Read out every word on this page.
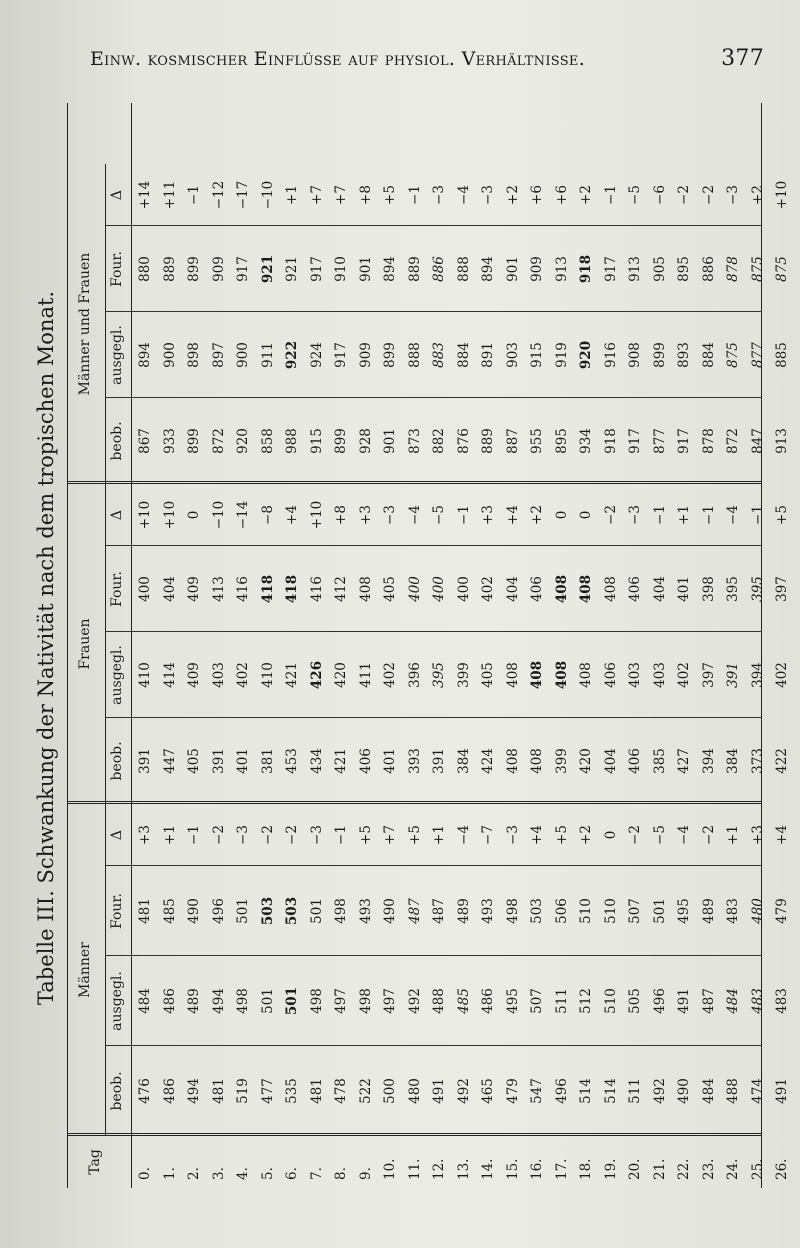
Einw. kosmischer Einflüsse auf physiol. Verhältnisse.	377
Tabelle III. Schwankung der Nativität nach dem tropischen Monat.
Tag
Männer
beob.
ausgegl.
Four.
Δ
Frauen
beob.
ausgegl.
Four.
Δ
Männer und Frauen
beob.
ausgegl.
Four.
Δ
0.
476
484
481
+3
391
410
400
+10
867
894
880
+14
1.
486
486
485
+1
447
414
404
+10
933
900
889
+11
2.
494
489
490
−1
405
409
409
0
899
898
899
−1
3.
481
494
496
−2
391
403
413
−10
872
897
909
−12
4.
519
498
501
−3
401
402
416
−14
920
900
917
−17
5.
477
501
503
−2
381
410
418
−8
858
911
921
−10
6.
535
501
503
−2
453
421
418
+4
988
922
921
+1
7.
481
498
501
−3
434
426
416
+10
915
924
917
+7
8.
478
497
498
−1
421
420
412
+8
899
917
910
+7
9.
522
498
493
+5
406
411
408
+3
928
909
901
+8
10.
500
497
490
+7
401
402
405
−3
901
899
894
+5
11.
480
492
487
+5
393
396
400
−4
873
888
889
−1
12.
491
488
487
+1
391
395
400
−5
882
883
886
−3
13.
492
485
489
−4
384
399
400
−1
876
884
888
−4
14.
465
486
493
−7
424
405
402
+3
889
891
894
−3
15.
479
495
498
−3
408
408
404
+4
887
903
901
+2
16.
547
507
503
+4
408
408
406
+2
955
915
909
+6
17.
496
511
506
+5
399
408
408
0
895
919
913
+6
18.
514
512
510
+2
420
408
408
0
934
920
918
+2
19.
514
510
510
0
404
406
408
−2
918
916
917
−1
20.
511
505
507
−2
406
403
406
−3
917
908
913
−5
21.
492
496
501
−5
385
403
404
−1
877
899
905
−6
22.
490
491
495
−4
427
402
401
+1
917
893
895
−2
23.
484
487
489
−2
394
397
398
−1
878
884
886
−2
24.
488
484
483
+1
384
391
395
−4
872
875
878
−3
25.
474
483
480
+3
373
394
395
−1
847
877
875
+2
26.
491
483
479
+4
422
402
397
+5
913
885
875
+10
